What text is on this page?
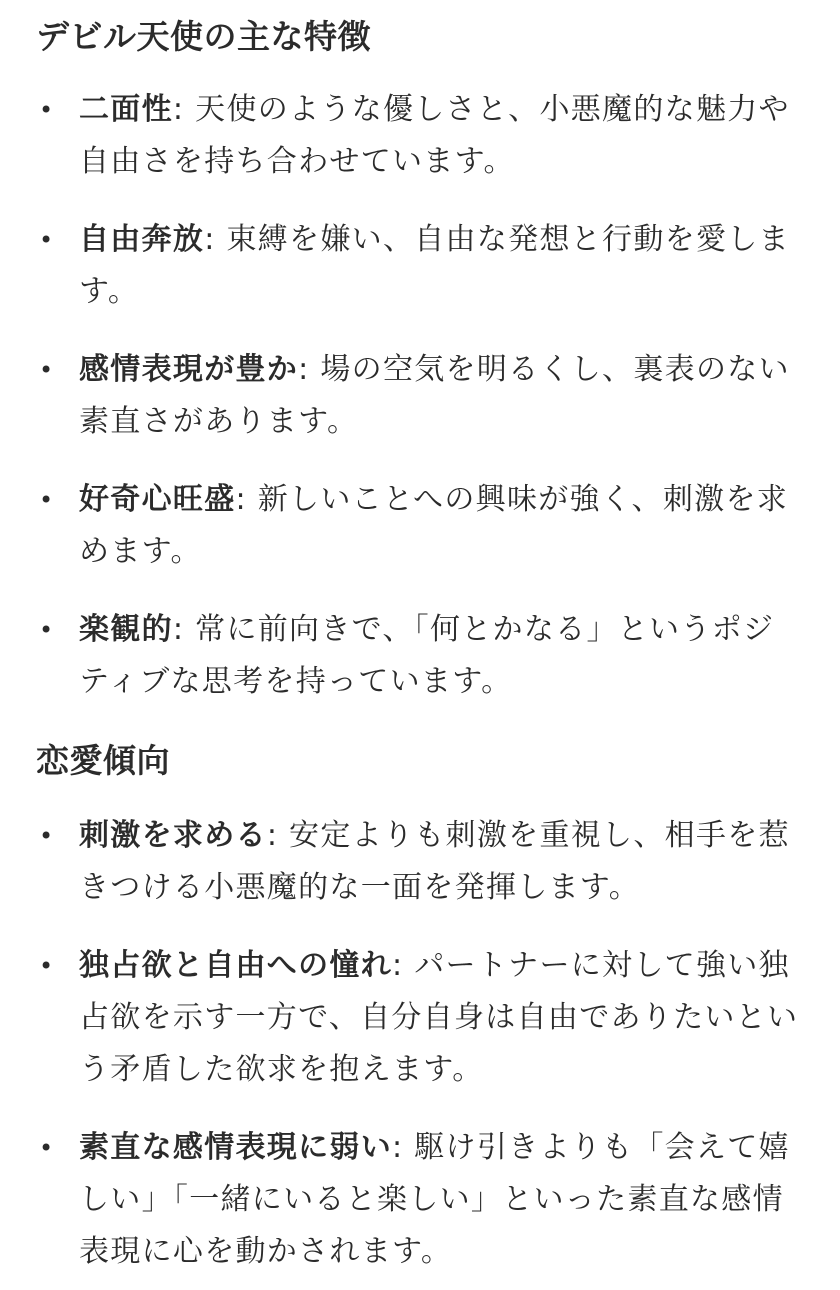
デビル天使の主な特徴
• 二面性: 天使のような優しさと、小悪魔的な魅力や自由さを持ち合わせています。
• 自由奔放: 束縛を嫌い、自由な発想と行動を愛します。
• 感情表現が豊か: 場の空気を明るくし、裏表のない素直さがあります。
• 好奇心旺盛: 新しいことへの興味が強く、刺激を求めます。
• 楽観的: 常に前向きで、「何とかなる」というポジティブな思考を持っています。
恋愛傾向
• 刺激を求める: 安定よりも刺激を重視し、相手を惹きつける小悪魔的な一面を発揮します。
• 独占欲と自由への憧れ: パートナーに対して強い独占欲を示す一方で、自分自身は自由でありたいという矛盾した欲求を抱えます。
• 素直な感情表現に弱い: 駆け引きよりも「会えて嬉しい」「一緒にいると楽しい」といった素直な感情表現に心を動かされます。
